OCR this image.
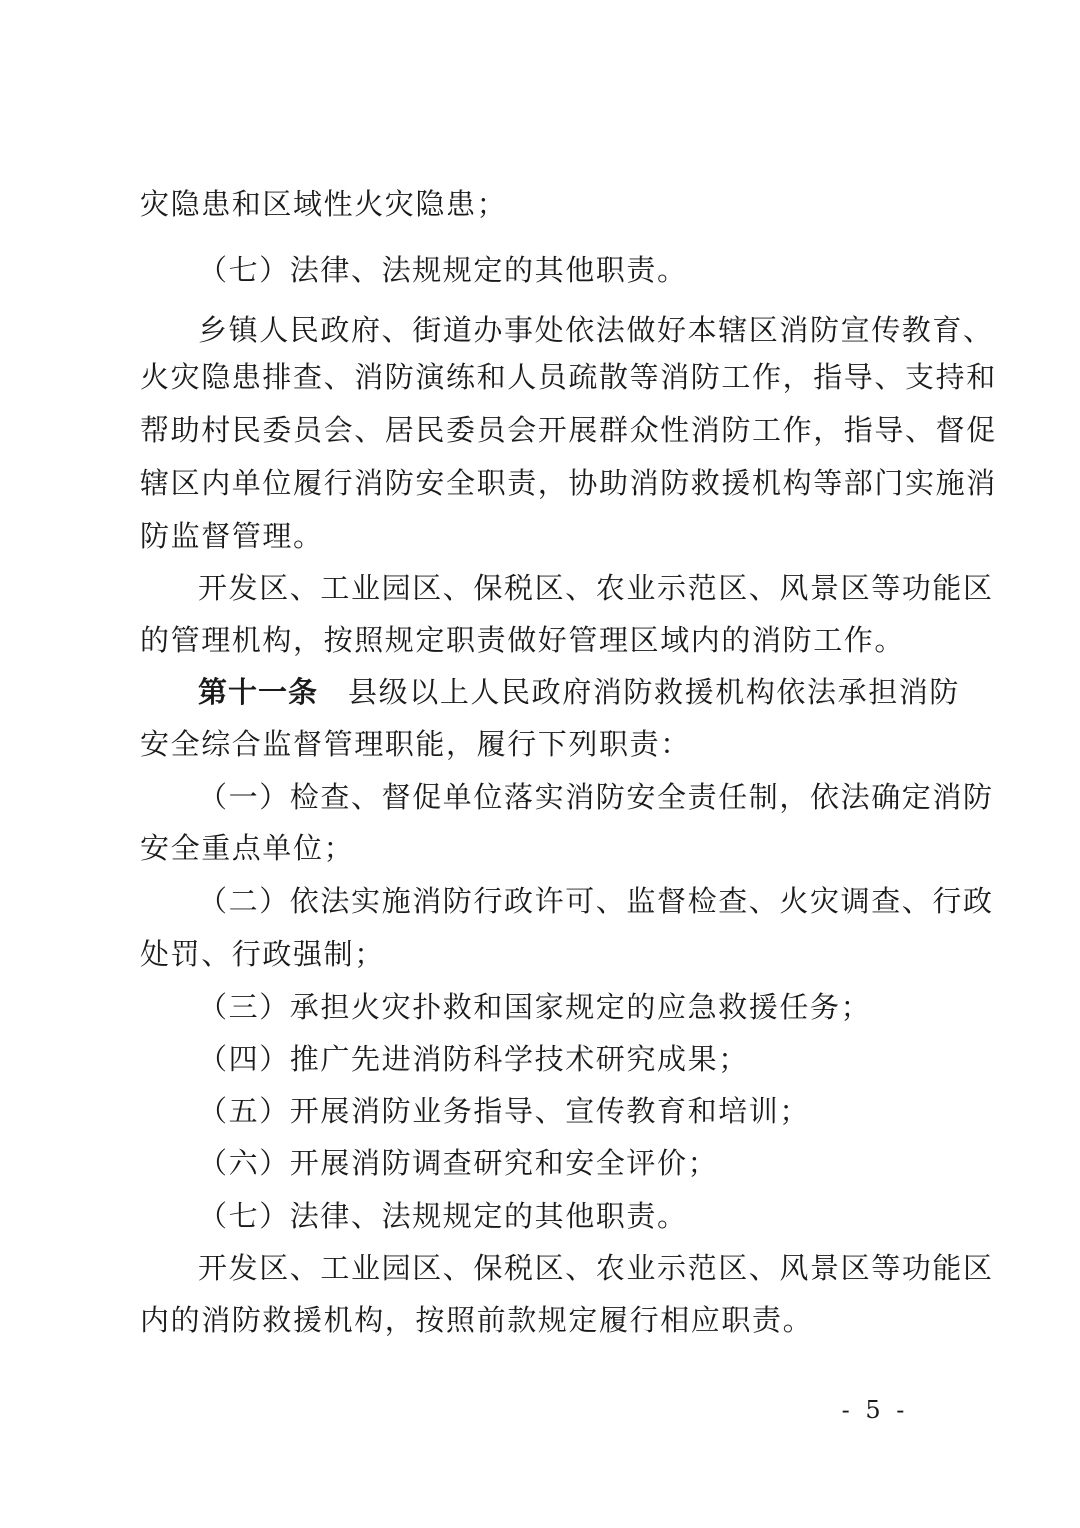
灾隐患和区域性火灾隐患；
（七）法律、法规规定的其他职责。
乡镇人民政府、街道办事处依法做好本辖区消防宣传教育、
火灾隐患排查、消防演练和人员疏散等消防工作，指导、支持和
帮助村民委员会、居民委员会开展群众性消防工作，指导、督促
辖区内单位履行消防安全职责，协助消防救援机构等部门实施消
防监督管理。
开发区、工业园区、保税区、农业示范区、风景区等功能区
的管理机构，按照规定职责做好管理区域内的消防工作。
第十一条 县级以上人民政府消防救援机构依法承担消防
安全综合监督管理职能，履行下列职责：
（一）检查、督促单位落实消防安全责任制，依法确定消防
安全重点单位；
（二）依法实施消防行政许可、监督检查、火灾调查、行政
处罚、行政强制；
（三）承担火灾扑救和国家规定的应急救援任务；
（四）推广先进消防科学技术研究成果；
（五）开展消防业务指导、宣传教育和培训；
（六）开展消防调查研究和安全评价；
（七）法律、法规规定的其他职责。
开发区、工业园区、保税区、农业示范区、风景区等功能区
内的消防救援机构，按照前款规定履行相应职责。
- 5 -
